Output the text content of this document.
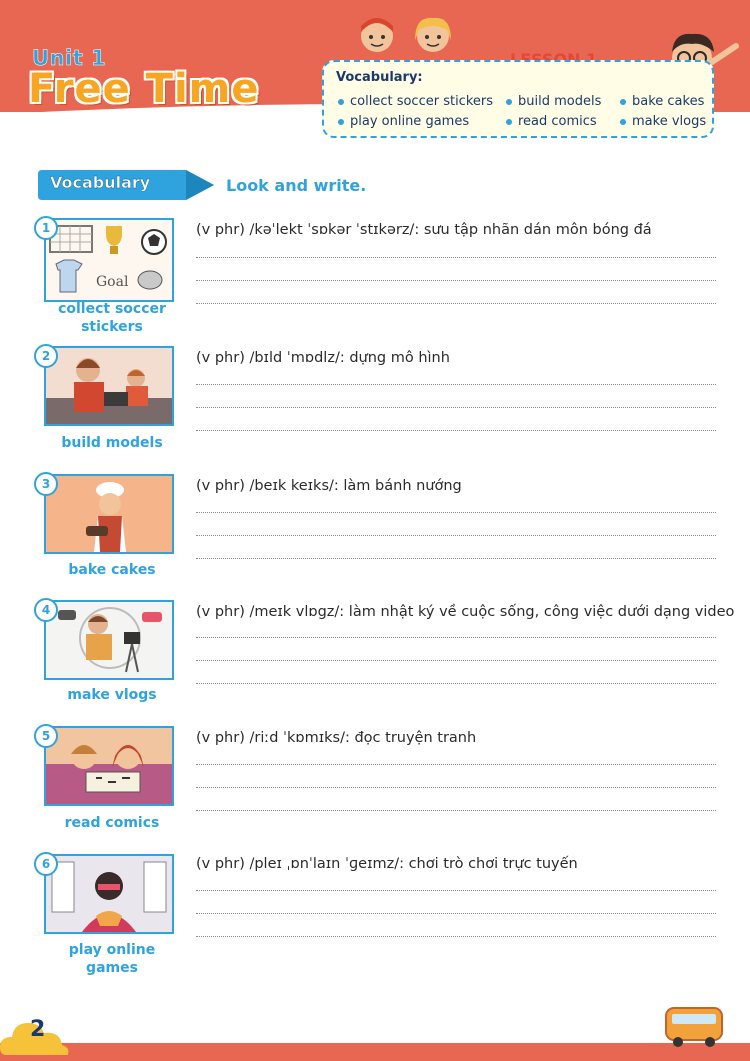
Unit 1
Free Time	Vocabulary:
collect soccer stickers	build models	bake cakes
play online games	read comics	make vlogs
Vocabulary	Look and write.
1
Goal
collect soccer stickers
(v phr) /kəˈlekt ˈsɒkər ˈstɪkərz/: sưu tập nhãn dán môn bóng đá
2
build models
(v phr) /bɪld ˈmɒdlz/: dựng mô hình
3
bake cakes
(v phr) /beɪk keɪks/: làm bánh nướng
4
make vlogs
(v phr) /meɪk vlɒgz/: làm nhật ký về cuộc sống, công việc dưới dạng video
5
read comics
(v phr) /riːd ˈkɒmɪks/: đọc truyện tranh
6
play online games
(v phr) /pleɪ ˌɒnˈlaɪn ˈɡeɪmz/: chơi trò chơi trực tuyến
2
